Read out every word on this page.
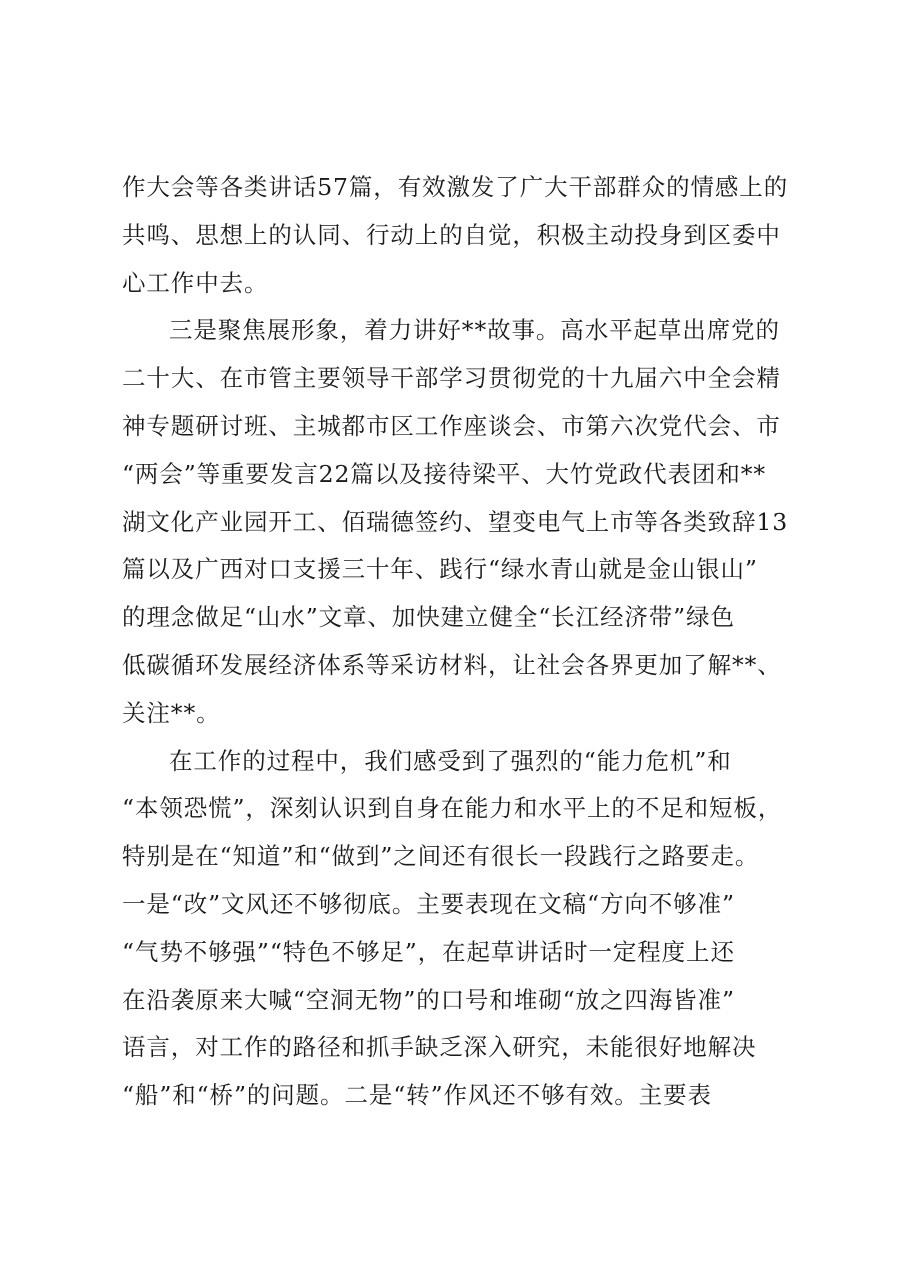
作大会等各类讲话57篇，有效激发了广大干部群众的情感上的
共鸣、思想上的认同、行动上的自觉，积极主动投身到区委中
心工作中去。
三是聚焦展形象，着力讲好**故事。高水平起草出席党的
二十大、在市管主要领导干部学习贯彻党的十九届六中全会精
神专题研讨班、主城都市区工作座谈会、市第六次党代会、市
“两会”等重要发言22篇以及接待梁平、大竹党政代表团和**
湖文化产业园开工、佰瑞德签约、望变电气上市等各类致辞13
篇以及广西对口支援三十年、践行“绿水青山就是金山银山”
的理念做足“山水”文章、加快建立健全“长江经济带”绿色
低碳循环发展经济体系等采访材料，让社会各界更加了解**、
关注**。
在工作的过程中，我们感受到了强烈的“能力危机”和
“本领恐慌”，深刻认识到自身在能力和水平上的不足和短板，
特别是在“知道”和“做到”之间还有很长一段践行之路要走。
一是“改”文风还不够彻底。主要表现在文稿“方向不够准”
“气势不够强”“特色不够足”，在起草讲话时一定程度上还
在沿袭原来大喊“空洞无物”的口号和堆砌“放之四海皆准”
语言，对工作的路径和抓手缺乏深入研究，未能很好地解决
“船”和“桥”的问题。二是“转”作风还不够有效。主要表
